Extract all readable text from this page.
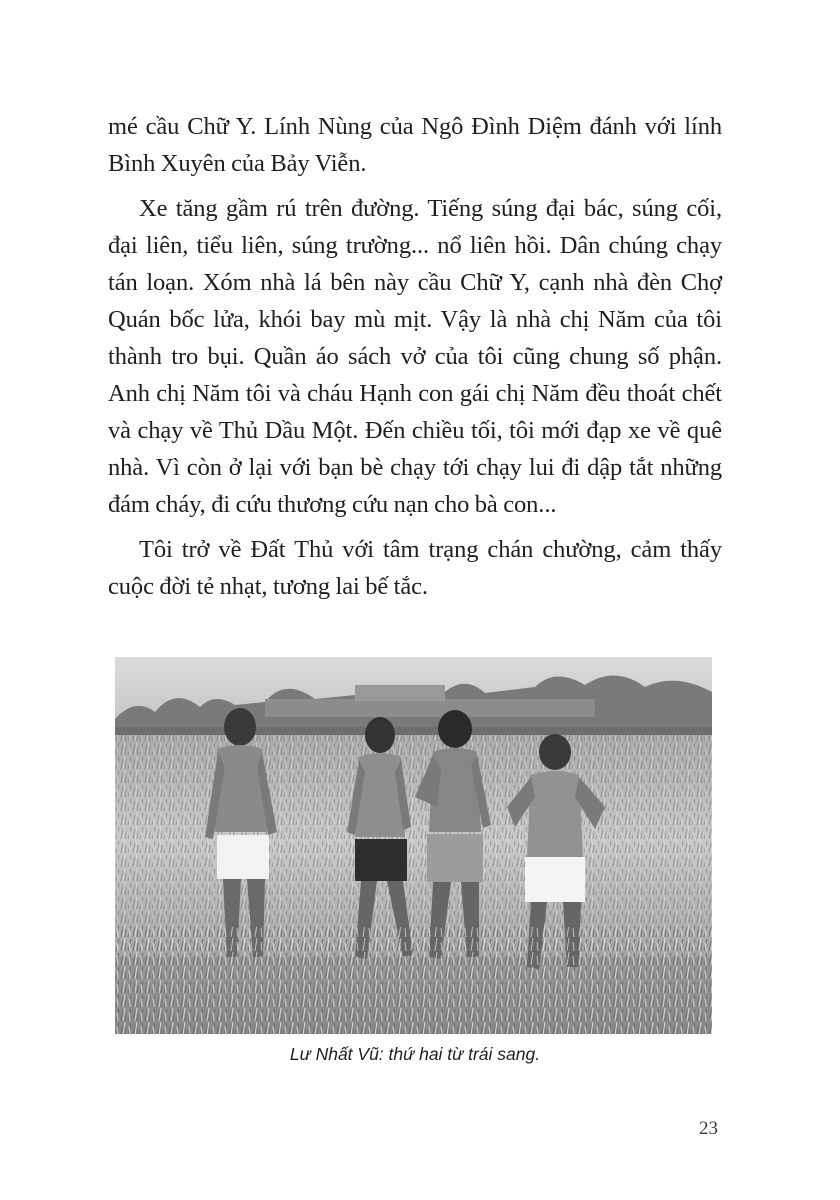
mé cầu Chữ Y. Lính Nùng của Ngô Đình Diệm đánh với lính Bình Xuyên của Bảy Viễn.

Xe tăng gầm rú trên đường. Tiếng súng đại bác, súng cối, đại liên, tiểu liên, súng trường... nổ liên hồi. Dân chúng chạy tán loạn. Xóm nhà lá bên này cầu Chữ Y, cạnh nhà đèn Chợ Quán bốc lửa, khói bay mù mịt. Vậy là nhà chị Năm của tôi thành tro bụi. Quần áo sách vở của tôi cũng chung số phận. Anh chị Năm tôi và cháu Hạnh con gái chị Năm đều thoát chết và chạy về Thủ Dầu Một. Đến chiều tối, tôi mới đạp xe về quê nhà. Vì còn ở lại với bạn bè chạy tới chạy lui đi dập tắt những đám cháy, đi cứu thương cứu nạn cho bà con...

Tôi trở về Đất Thủ với tâm trạng chán chường, cảm thấy cuộc đời tẻ nhạt, tương lai bế tắc.

Lư Nhất Vũ: thứ hai từ trái sang.
23
